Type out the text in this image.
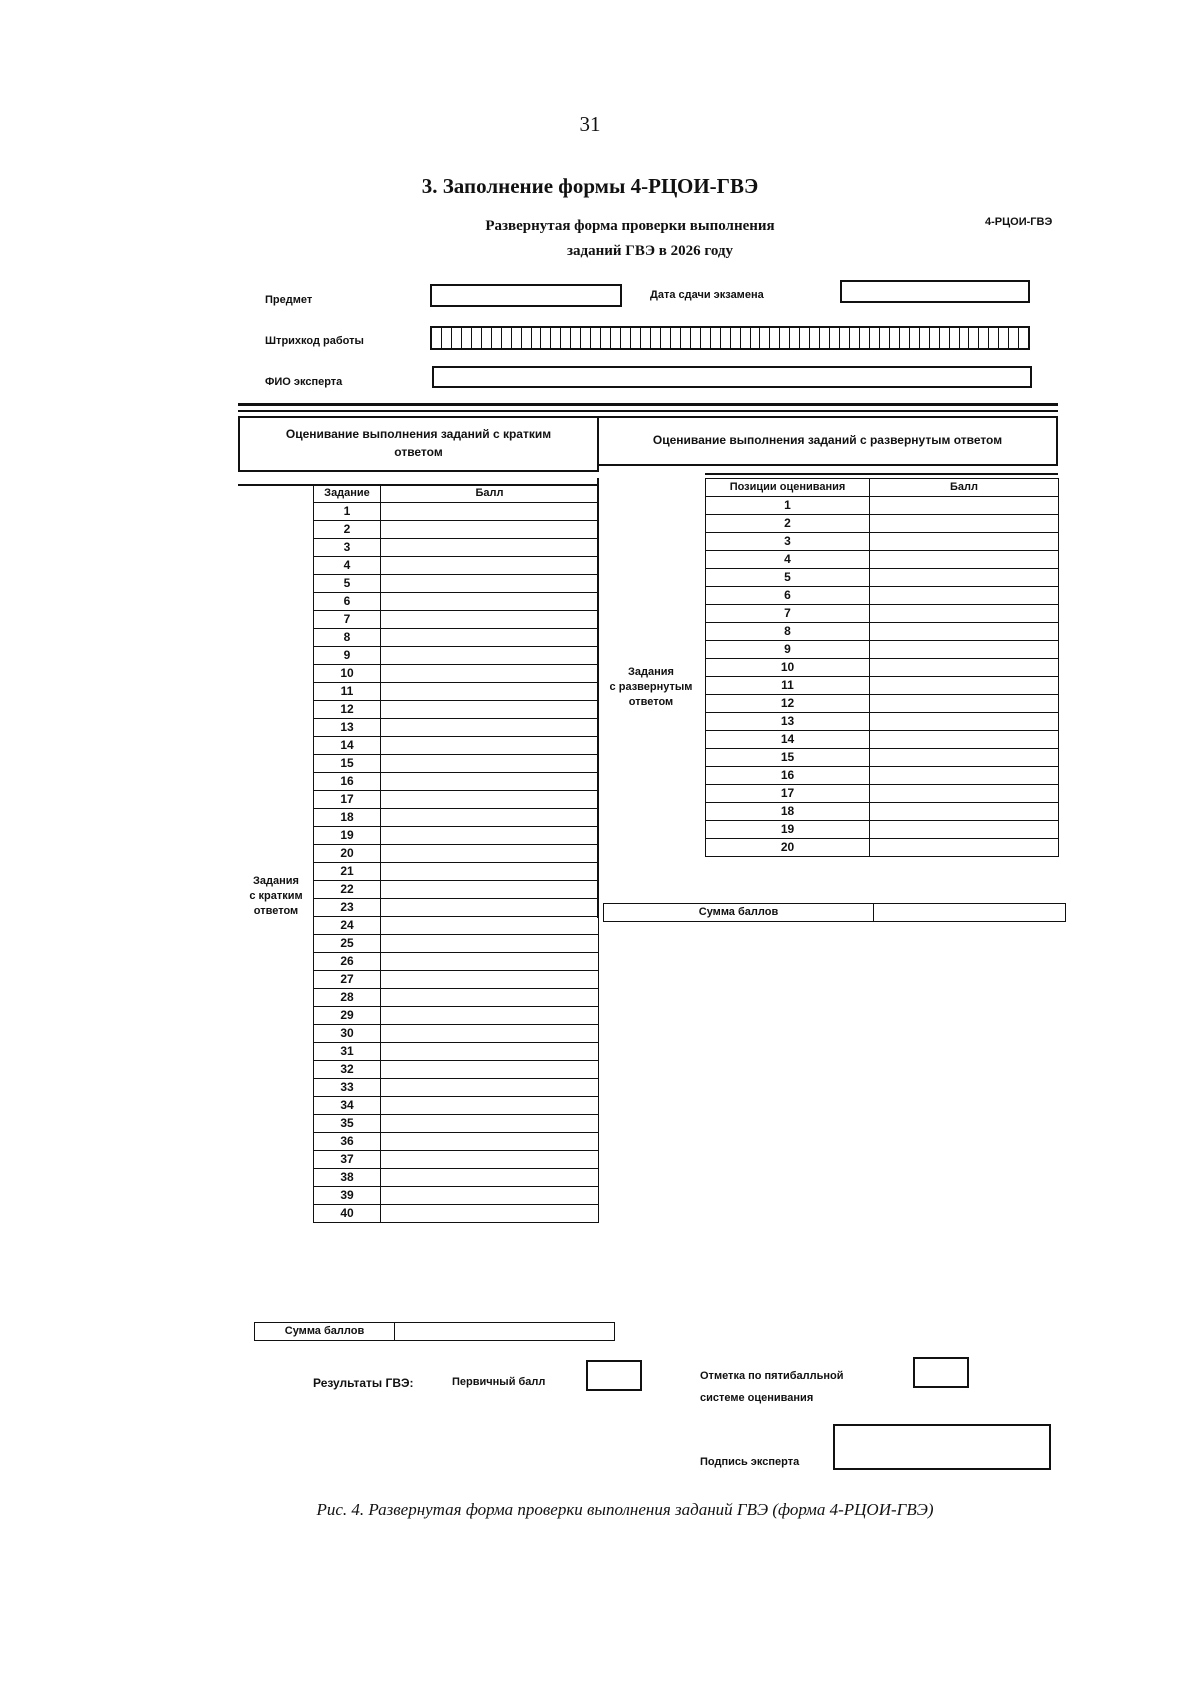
31
3. Заполнение формы 4-РЦОИ-ГВЭ
Развернутая форма проверки выполнения
заданий ГВЭ в 2026 году
4-РЦОИ-ГВЭ
Предмет	Дата сдачи экзамена
Штрихкод работы
ФИО эксперта
Оценивание выполнения заданий с кратким
ответом
Оценивание выполнения заданий с развернутым ответом
Задание	Балл
1	
2	
3	
4	
5	
6	
7	
8	
9	
10	
11	
12	
13	
14	
15	
16	
17	
18	
19	
20	
21	
22	
23	
24	
25	
26	
27	
28	
29	
30	
31	
32	
33	
34	
35	
36	
37	
38	
39	
40	
Задания
с кратким
ответом
Сумма баллов	
Позиции оценивания	Балл
1	
2	
3	
4	
5	
6	
7	
8	
9	
10	
11	
12	
13	
14	
15	
16	
17	
18	
19	
20	
Задания
с развернутым
ответом
Сумма баллов	
Результаты ГВЭ:	Первичный балл	Отметка по пятибалльной
системе оценивания
Подпись эксперта
Рис. 4. Развернутая форма проверки выполнения заданий ГВЭ (форма 4-РЦОИ-ГВЭ)
